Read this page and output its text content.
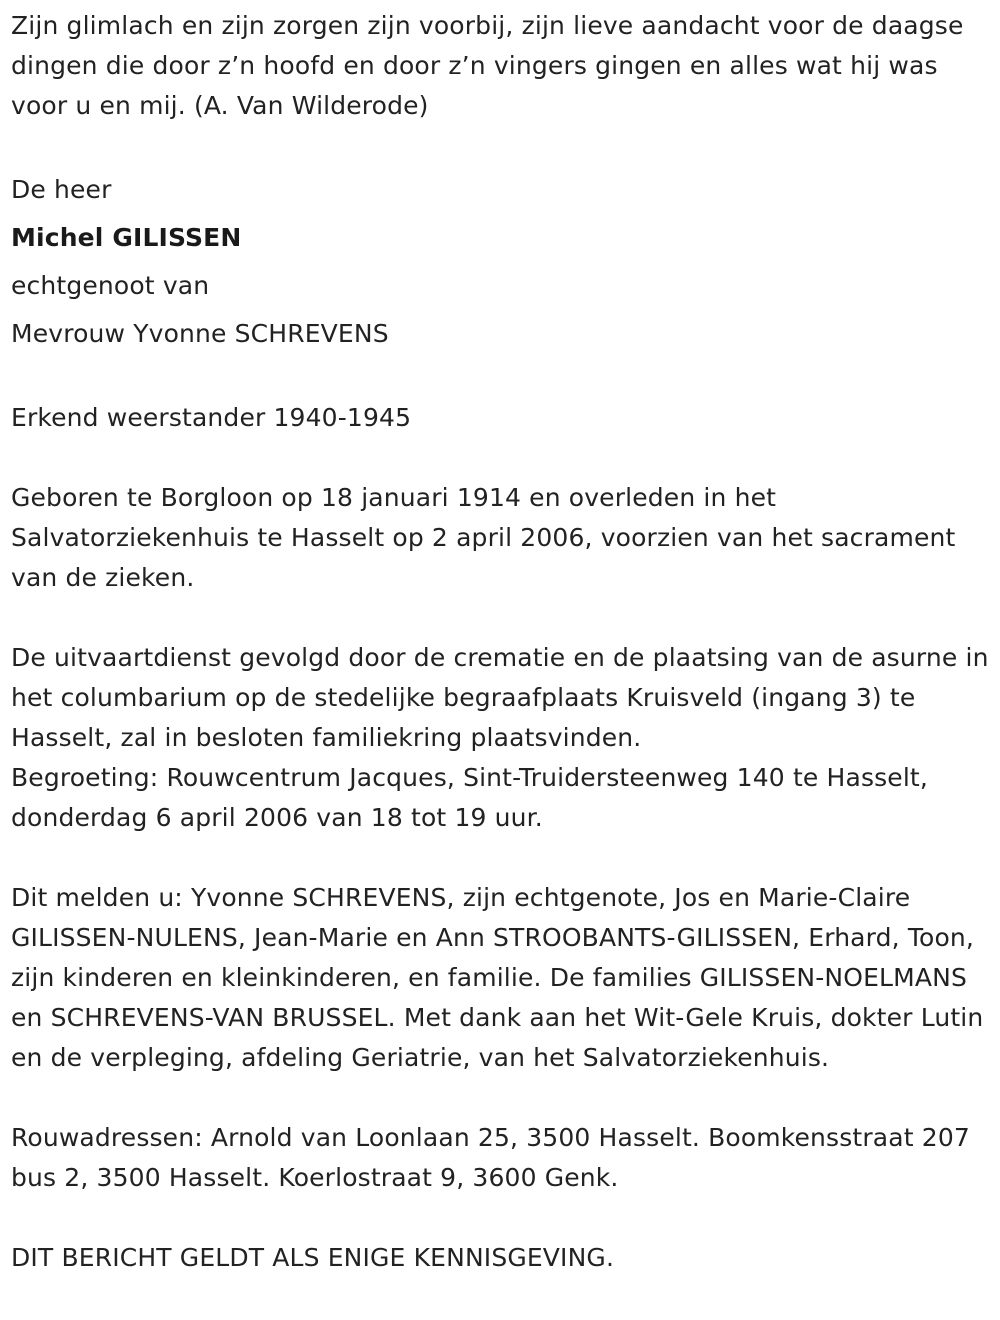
Zijn glimlach en zijn zorgen zijn voorbij, zijn lieve aandacht voor de daagse dingen die door z’n hoofd en door z’n vingers gingen en alles wat hij was voor u en mij. (A. Van Wilderode)

De heer

Michel GILISSEN

echtgenoot van

Mevrouw Yvonne SCHREVENS

Erkend weerstander 1940-1945

Geboren te Borgloon op 18 januari 1914 en overleden in het Salvatorziekenhuis te Hasselt op 2 april 2006, voorzien van het sacrament van de zieken.

De uitvaartdienst gevolgd door de crematie en de plaatsing van de asurne in het columbarium op de stedelijke begraafplaats Kruisveld (ingang 3) te Hasselt, zal in besloten familiekring plaatsvinden.

Begroeting: Rouwcentrum Jacques, Sint-Truidersteenweg 140 te Hasselt, donderdag 6 april 2006 van 18 tot 19 uur.

Dit melden u: Yvonne SCHREVENS, zijn echtgenote, Jos en Marie-Claire GILISSEN-NULENS, Jean-Marie en Ann STROOBANTS-GILISSEN, Erhard, Toon, zijn kinderen en kleinkinderen, en familie. De families GILISSEN-NOELMANS en SCHREVENS-VAN BRUSSEL. Met dank aan het Wit-Gele Kruis, dokter Lutin en de verpleging, afdeling Geriatrie, van het Salvatorziekenhuis.

Rouwadressen: Arnold van Loonlaan 25, 3500 Hasselt. Boomkensstraat 207 bus 2, 3500 Hasselt. Koerlostraat 9, 3600 Genk.

DIT BERICHT GELDT ALS ENIGE KENNISGEVING.
